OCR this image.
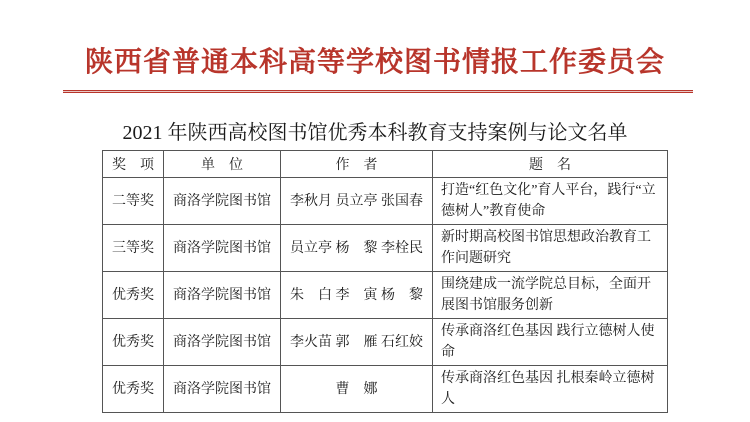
陕西省普通本科高等学校图书情报工作委员会
2021 年陕西高校图书馆优秀本科教育支持案例与论文名单
奖　项	单　位	作　者	题　名
二等奖	商洛学院图书馆	李秋月 员立亭 张国春	打造“红色文化”育人平台，践行“立德树人”教育使命
三等奖	商洛学院图书馆	员立亭 杨　黎 李栓民	新时期高校图书馆思想政治教育工作问题研究
优秀奖	商洛学院图书馆	朱　白 李　寅 杨　黎	围绕建成一流学院总目标，全面开展图书馆服务创新
优秀奖	商洛学院图书馆	李火苗 郭　雁 石红姣	传承商洛红色基因 践行立德树人使命
优秀奖	商洛学院图书馆	曹　娜	传承商洛红色基因 扎根秦岭立德树人
